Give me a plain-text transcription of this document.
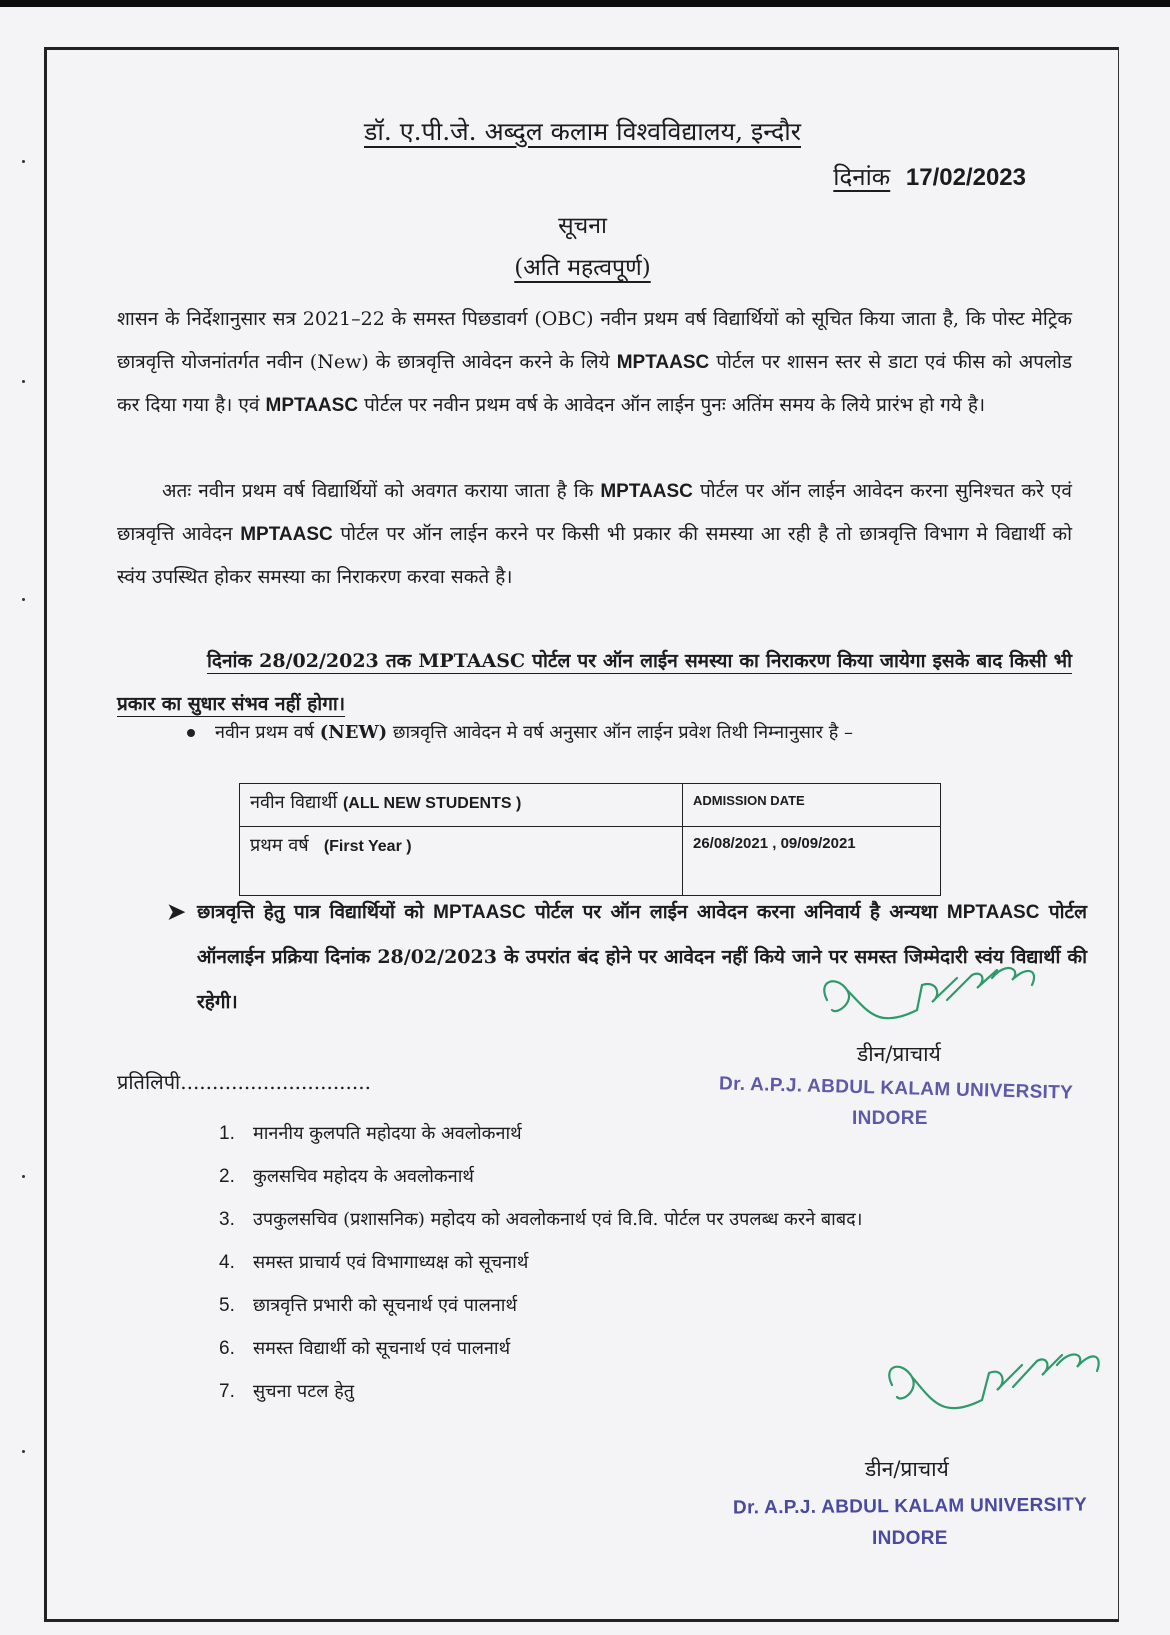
डॉ. ए.पी.जे. अब्दुल कलाम विश्वविद्यालय, इन्दौर
दिनांक 17/02/2023
सूचना
(अति महत्वपूर्ण)
शासन के निर्देशानुसार सत्र 2021–22 के समस्त पिछडावर्ग (OBC) नवीन प्रथम वर्ष विद्यार्थियों को सूचित किया जाता है, कि पोस्ट मेट्रिक छात्रवृत्ति योजनांतर्गत नवीन (New) के छात्रवृत्ति आवेदन करने के लिये MPTAASC पोर्टल पर शासन स्तर से डाटा एवं फीस को अपलोड कर दिया गया है। एवं MPTAASC पोर्टल पर नवीन प्रथम वर्ष के आवेदन ऑन लाईन पुनः अतिंम समय के लिये प्रारंभ हो गये है।
अतः नवीन प्रथम वर्ष विद्यार्थियों को अवगत कराया जाता है कि MPTAASC पोर्टल पर ऑन लाईन आवेदन करना सुनिश्चत करे एवं छात्रवृत्ति आवेदन MPTAASC पोर्टल पर ऑन लाईन करने पर किसी भी प्रकार की समस्या आ रही है तो छात्रवृत्ति विभाग मे विद्यार्थी को स्वंय उपस्थित होकर समस्या का निराकरण करवा सकते है।
दिनांक 28/02/2023 तक MPTAASC पोर्टल पर ऑन लाईन समस्या का निराकरण किया जायेगा इसके बाद किसी भी प्रकार का सुधार संभव नहीं होगा।
नवीन प्रथम वर्ष (NEW) छात्रवृत्ति आवेदन मे वर्ष अनुसार ऑन लाईन प्रवेश तिथी निम्नानुसार है –
नवीन विद्यार्थी (ALL NEW STUDENTS )	ADMISSION DATE
प्रथम वर्ष   (First Year )	26/08/2021 , 09/09/2021
➤ छात्रवृत्ति हेतु पात्र विद्यार्थियों को MPTAASC पोर्टल पर ऑन लाईन आवेदन करना अनिवार्य है अन्यथा MPTAASC पोर्टल ऑनलाईन प्रक्रिया दिनांक 28/02/2023 के उपरांत बंद होने पर आवेदन नहीं किये जाने पर समस्त जिम्मेदारी स्वंय विद्यार्थी की रहेगी।
डीन/प्राचार्य
Dr. A.P.J. ABDUL KALAM UNIVERSITY
INDORE
प्रतिलिपी..............................
1. माननीय कुलपति महोदया के अवलोकनार्थ
2. कुलसचिव महोदय के अवलोकनार्थ
3. उपकुलसचिव (प्रशासनिक) महोदय को अवलोकनार्थ एवं वि.वि. पोर्टल पर उपलब्ध करने बाबद।
4. समस्त प्राचार्य एवं विभागाध्यक्ष को सूचनार्थ
5. छात्रवृत्ति प्रभारी को सूचनार्थ एवं पालनार्थ
6. समस्त विद्यार्थी को सूचनार्थ एवं पालनार्थ
7. सुचना पटल हेतु
डीन/प्राचार्य
Dr. A.P.J. ABDUL KALAM UNIVERSITY
INDORE
